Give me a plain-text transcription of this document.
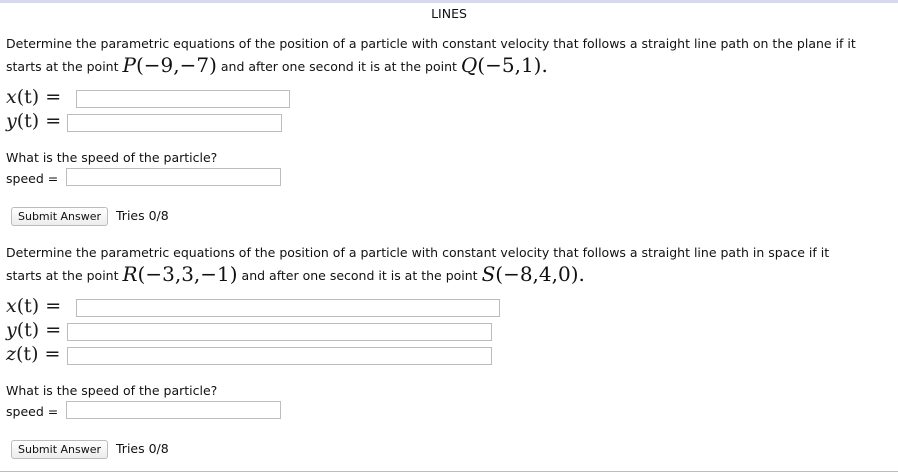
LINES
Determine the parametric equations of the position of a particle with constant velocity that follows a straight line path on the plane if it
starts at the point P(−9,−7) and after one second it is at the point Q(−5,1).
x(t) =
y(t) =
What is the speed of the particle?
speed =
Submit Answer	Tries 0/8
Determine the parametric equations of the position of a particle with constant velocity that follows a straight line path in space if it
starts at the point R(−3,3,−1) and after one second it is at the point S(−8,4,0).
x(t) =
y(t) =
z(t) =
What is the speed of the particle?
speed =
Submit Answer	Tries 0/8
